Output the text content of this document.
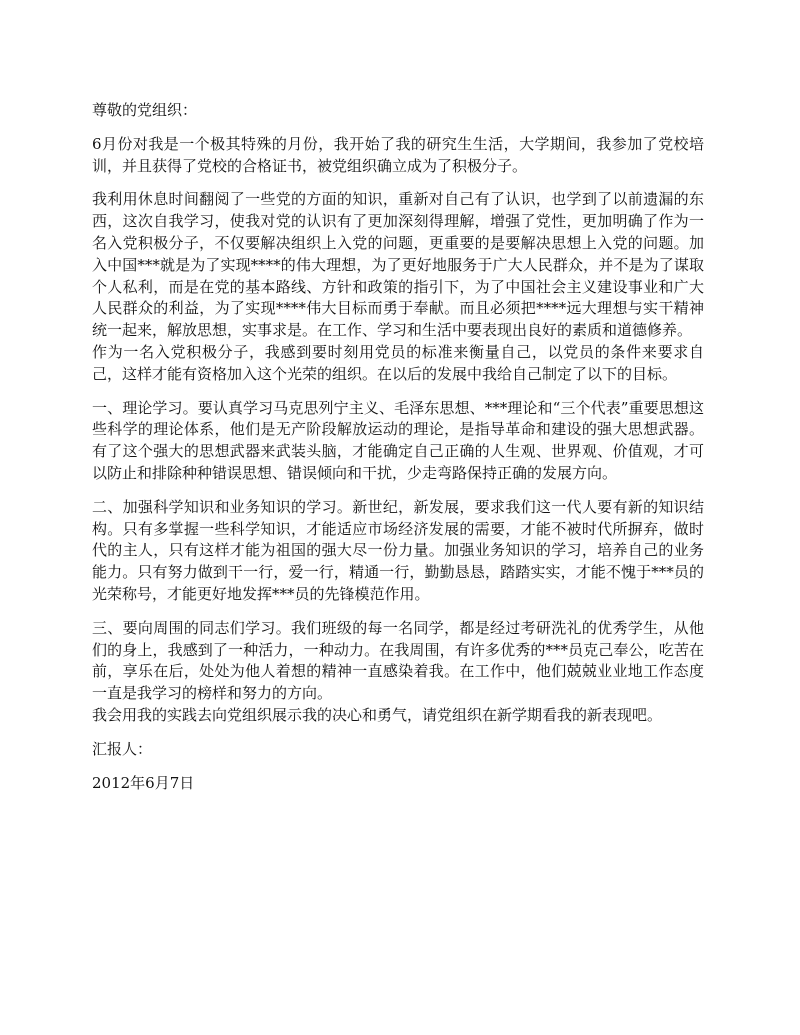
尊敬的党组织：

6月份对我是一个极其特殊的月份，我开始了我的研究生生活，大学期间，我参加了党校培训，并且获得了党校的合格证书，被党组织确立成为了积极分子。

我利用休息时间翻阅了一些党的方面的知识，重新对自己有了认识，也学到了以前遗漏的东西，这次自我学习，使我对党的认识有了更加深刻得理解，增强了党性，更加明确了作为一名入党积极分子，不仅要解决组织上入党的问题，更重要的是要解决思想上入党的问题。加入中国***就是为了实现****的伟大理想，为了更好地服务于广大人民群众，并不是为了谋取个人私利，而是在党的基本路线、方针和政策的指引下，为了中国社会主义建设事业和广大人民群众的利益，为了实现****伟大目标而勇于奉献。而且必须把****远大理想与实干精神统一起来，解放思想，实事求是。在工作、学习和生活中要表现出良好的素质和道德修养。

作为一名入党积极分子，我感到要时刻用党员的标准来衡量自己，以党员的条件来要求自己，这样才能有资格加入这个光荣的组织。在以后的发展中我给自己制定了以下的目标。

一、理论学习。要认真学习马克思列宁主义、毛泽东思想、***理论和“三个代表”重要思想这些科学的理论体系，他们是无产阶段解放运动的理论，是指导革命和建设的强大思想武器。有了这个强大的思想武器来武装头脑，才能确定自己正确的人生观、世界观、价值观，才可以防止和排除种种错误思想、错误倾向和干扰，少走弯路保持正确的发展方向。

二、加强科学知识和业务知识的学习。新世纪，新发展，要求我们这一代人要有新的知识结构。只有多掌握一些科学知识，才能适应市场经济发展的需要，才能不被时代所摒弃，做时代的主人，只有这样才能为祖国的强大尽一份力量。加强业务知识的学习，培养自己的业务能力。只有努力做到干一行，爱一行，精通一行，勤勤恳恳，踏踏实实，才能不愧于***员的光荣称号，才能更好地发挥***员的先锋模范作用。

三、要向周围的同志们学习。我们班级的每一名同学，都是经过考研洗礼的优秀学生，从他们的身上，我感到了一种活力，一种动力。在我周围，有许多优秀的***员克己奉公，吃苦在前，享乐在后，处处为他人着想的精神一直感染着我。在工作中，他们兢兢业业地工作态度一直是我学习的榜样和努力的方向。

我会用我的实践去向党组织展示我的决心和勇气，请党组织在新学期看我的新表现吧。

汇报人：

2012年6月7日
